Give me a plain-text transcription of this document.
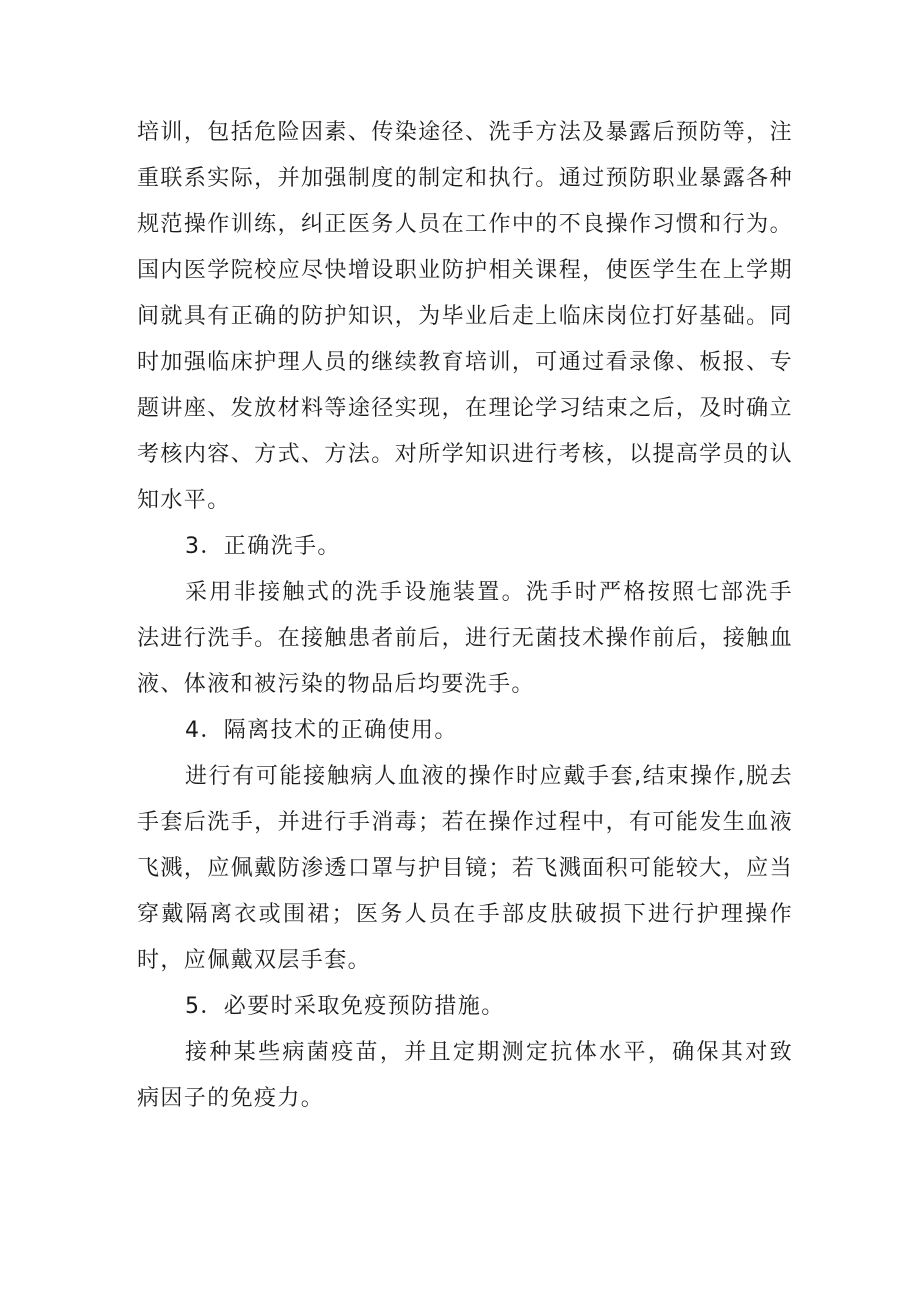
培训，包括危险因素、传染途径、洗手方法及暴露后预防等，注重联系实际，并加强制度的制定和执行。通过预防职业暴露各种规范操作训练，纠正医务人员在工作中的不良操作习惯和行为。国内医学院校应尽快增设职业防护相关课程，使医学生在上学期间就具有正确的防护知识，为毕业后走上临床岗位打好基础。同时加强临床护理人员的继续教育培训，可通过看录像、板报、专题讲座、发放材料等途径实现，在理论学习结束之后，及时确立考核内容、方式、方法。对所学知识进行考核，以提高学员的认知水平。

3．正确洗手。

采用非接触式的洗手设施装置。洗手时严格按照七部洗手法进行洗手。在接触患者前后，进行无菌技术操作前后，接触血液、体液和被污染的物品后均要洗手。

4．隔离技术的正确使用。

进行有可能接触病人血液的操作时应戴手套,结束操作,脱去手套后洗手，并进行手消毒；若在操作过程中，有可能发生血液飞溅，应佩戴防渗透口罩与护目镜；若飞溅面积可能较大，应当穿戴隔离衣或围裙；医务人员在手部皮肤破损下进行护理操作时，应佩戴双层手套。

5．必要时采取免疫预防措施。

接种某些病菌疫苗，并且定期测定抗体水平，确保其对致病因子的免疫力。
